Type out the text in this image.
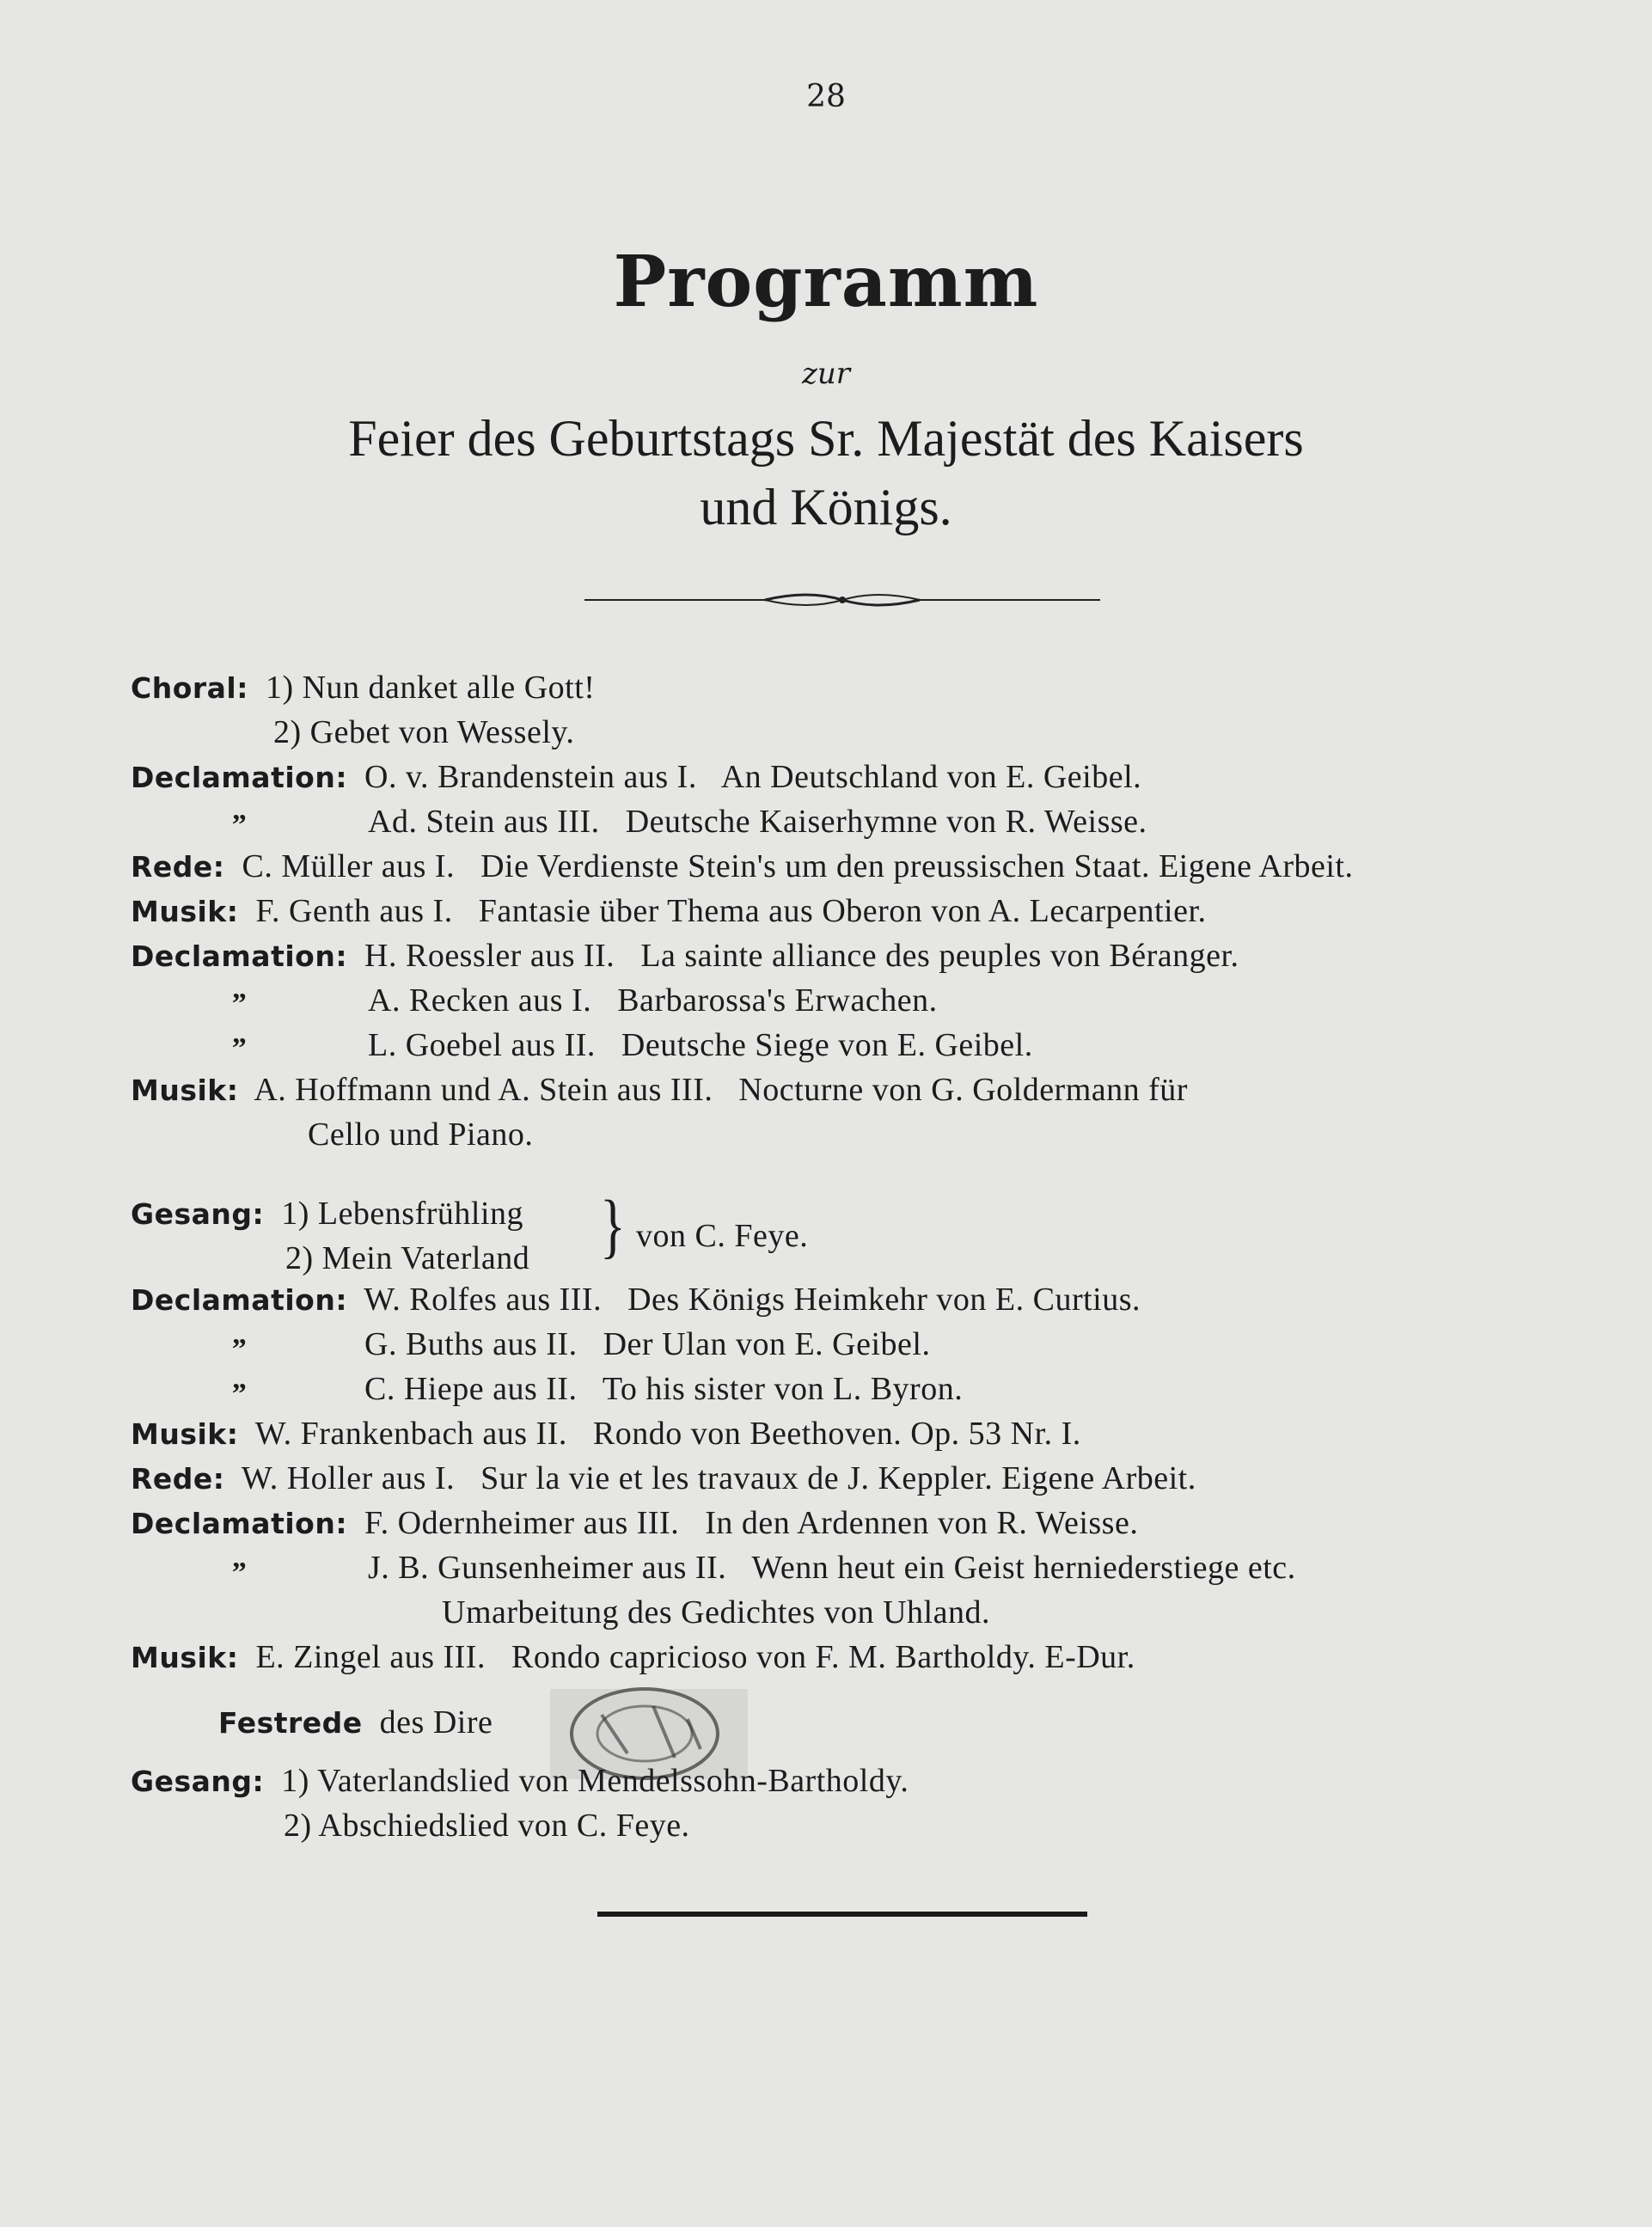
28
Programm
zur
Feier des Geburtstags Sr. Majestät des Kaisers
und Königs.
Choral: 1) Nun danket alle Gott!
2) Gebet von Wessely.
Declamation: O. v. Brandenstein aus I. An Deutschland von E. Geibel.
„	Ad. Stein aus III. Deutsche Kaiserhymne von R. Weisse.
Rede: C. Müller aus I. Die Verdienste Stein's um den preussischen Staat. Eigene Arbeit.
Musik: F. Genth aus I. Fantasie über Thema aus Oberon von A. Lecarpentier.
Declamation: H. Roessler aus II. La sainte alliance des peuples von Béranger.
„	A. Recken aus I. Barbarossa's Erwachen.
„	L. Goebel aus II. Deutsche Siege von E. Geibel.
Musik: A. Hoffmann und A. Stein aus III. Nocturne von G. Goldermann für
Cello und Piano.
Gesang: 1) Lebensfrühling
2) Mein Vaterland } von C. Feye.
Declamation: W. Rolfes aus III. Des Königs Heimkehr von E. Curtius.
„	G. Buths aus II. Der Ulan von E. Geibel.
„	C. Hiepe aus II. To his sister von L. Byron.
Musik: W. Frankenbach aus II. Rondo von Beethoven. Op. 53 Nr. I.
Rede: W. Holler aus I. Sur la vie et les travaux de J. Keppler. Eigene Arbeit.
Declamation: F. Odernheimer aus III. In den Ardennen von R. Weisse.
„	J. B. Gunsenheimer aus II. Wenn heut ein Geist herniederstiege etc.
Umarbeitung des Gedichtes von Uhland.
Musik: E. Zingel aus III. Rondo capricioso von F. M. Bartholdy. E-Dur.
Festrede des Dire
Gesang: 1) Vaterlandslied von Mendelssohn-Bartholdy.
2) Abschiedslied von C. Feye.
